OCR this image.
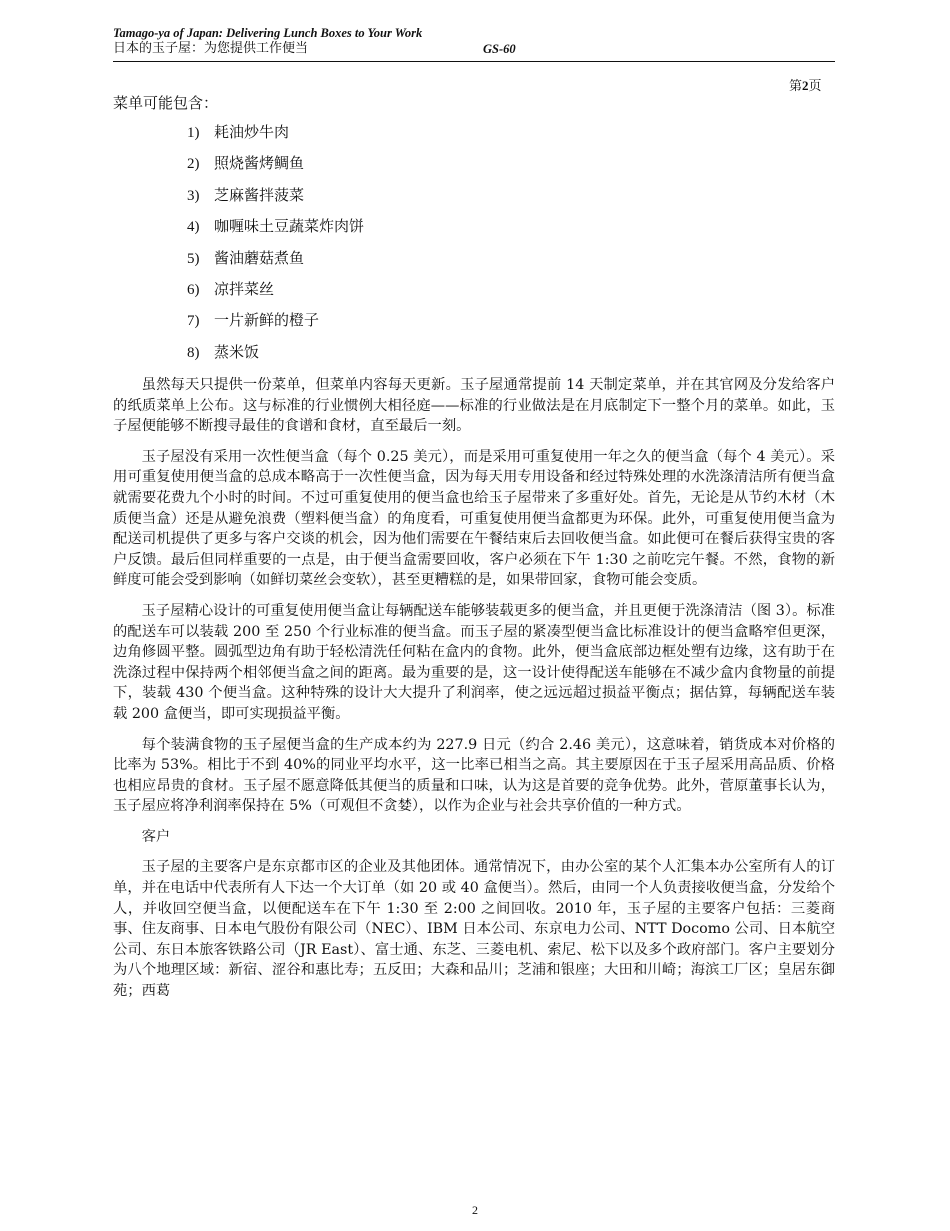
Tamago-ya of Japan: Delivering Lunch Boxes to Your Work
日本的玉子屋：为您提供工作便当	GS-60
第2页
菜单可能包含：
1) 耗油炒牛肉
2) 照烧酱烤鲷鱼
3) 芝麻酱拌菠菜
4) 咖喱味土豆蔬菜炸肉饼
5) 酱油蘑菇煮鱼
6) 凉拌菜丝
7) 一片新鲜的橙子
8) 蒸米饭

虽然每天只提供一份菜单，但菜单内容每天更新。玉子屋通常提前 14 天制定菜单，并在其官网及分发给客户的纸质菜单上公布。这与标准的行业惯例大相径庭——标准的行业做法是在月底制定下一整个月的菜单。如此，玉子屋便能够不断搜寻最佳的食谱和食材，直至最后一刻。

玉子屋没有采用一次性便当盒（每个 0.25 美元），而是采用可重复使用一年之久的便当盒（每个 4 美元）。采用可重复使用便当盒的总成本略高于一次性便当盒，因为每天用专用设备和经过特殊处理的水洗涤清洁所有便当盒就需要花费九个小时的时间。不过可重复使用的便当盒也给玉子屋带来了多重好处。首先，无论是从节约木材（木质便当盒）还是从避免浪费（塑料便当盒）的角度看，可重复使用便当盒都更为环保。此外，可重复使用便当盒为配送司机提供了更多与客户交谈的机会，因为他们需要在午餐结束后去回收便当盒。如此便可在餐后获得宝贵的客户反馈。最后但同样重要的一点是，由于便当盒需要回收，客户必须在下午 1:30 之前吃完午餐。不然，食物的新鲜度可能会受到影响（如鲜切菜丝会变软），甚至更糟糕的是，如果带回家，食物可能会变质。

玉子屋精心设计的可重复使用便当盒让每辆配送车能够装载更多的便当盒，并且更便于洗涤清洁（图 3）。标准的配送车可以装载 200 至 250 个行业标准的便当盒。而玉子屋的紧凑型便当盒比标准设计的便当盒略窄但更深，边角修圆平整。圆弧型边角有助于轻松清洗任何粘在盒内的食物。此外，便当盒底部边框处塑有边缘，这有助于在洗涤过程中保持两个相邻便当盒之间的距离。最为重要的是，这一设计使得配送车能够在不减少盒内食物量的前提下，装载 430 个便当盒。这种特殊的设计大大提升了利润率，使之远远超过损益平衡点；据估算，每辆配送车装载 200 盒便当，即可实现损益平衡。

每个装满食物的玉子屋便当盒的生产成本约为 227.9 日元（约合 2.46 美元），这意味着，销货成本对价格的比率为 53%。相比于不到 40%的同业平均水平，这一比率已相当之高。其主要原因在于玉子屋采用高品质、价格也相应昂贵的食材。玉子屋不愿意降低其便当的质量和口味，认为这是首要的竞争优势。此外，菅原董事长认为，玉子屋应将净利润率保持在 5%（可观但不贪婪），以作为企业与社会共享价值的一种方式。

客户

玉子屋的主要客户是东京都市区的企业及其他团体。通常情况下，由办公室的某个人汇集本办公室所有人的订单，并在电话中代表所有人下达一个大订单（如 20 或 40 盒便当）。然后，由同一个人负责接收便当盒，分发给个人，并收回空便当盒，以便配送车在下午 1:30 至 2:00 之间回收。2010 年，玉子屋的主要客户包括：三菱商事、住友商事、日本电气股份有限公司（NEC）、IBM 日本公司、东京电力公司、NTT Docomo 公司、日本航空公司、东日本旅客铁路公司（JR East）、富士通、东芝、三菱电机、索尼、松下以及多个政府部门。客户主要划分为八个地理区域：新宿、涩谷和惠比寿；五反田；大森和品川；芝浦和银座；大田和川崎；海滨工厂区；皇居东御苑；西葛

2
